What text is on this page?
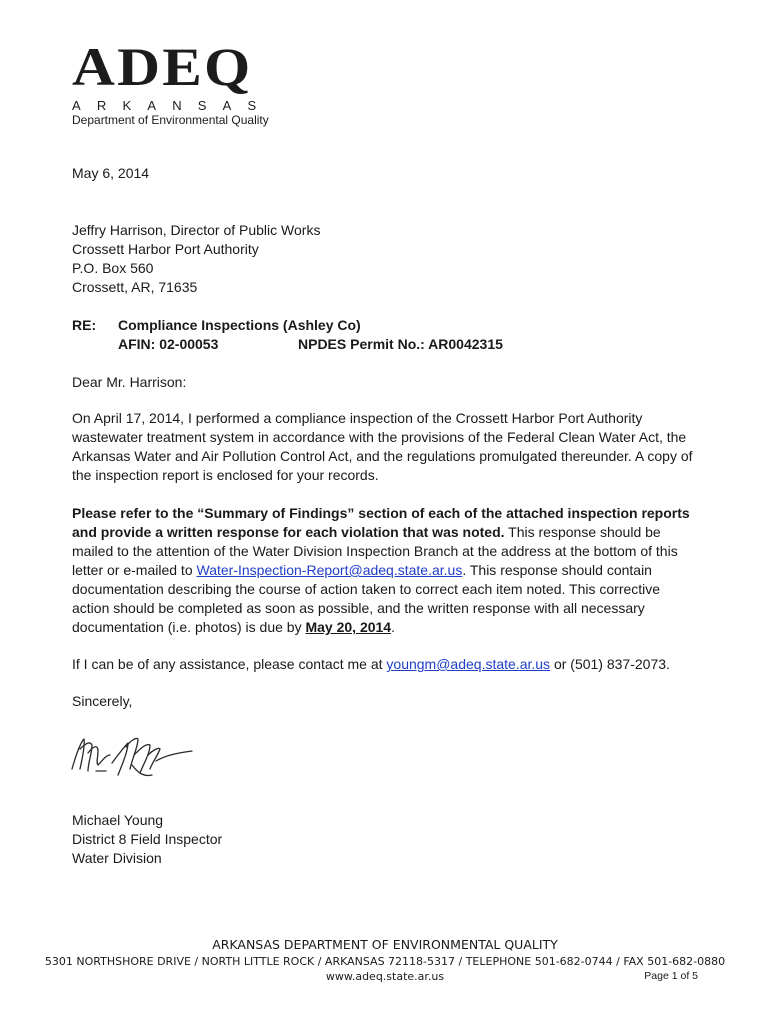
ADEQ
ARKANSAS
Department of Environmental Quality
May 6, 2014
Jeffry Harrison, Director of Public Works
Crossett Harbor Port Authority
P.O. Box 560
Crossett, AR, 71635
RE: Compliance Inspections (Ashley Co)
AFIN: 02-00053	NPDES Permit No.: AR0042315
Dear Mr. Harrison:
On April 17, 2014, I performed a compliance inspection of the Crossett Harbor Port Authority
wastewater treatment system in accordance with the provisions of the Federal Clean Water Act, the
Arkansas Water and Air Pollution Control Act, and the regulations promulgated thereunder. A copy of
the inspection report is enclosed for your records.
Please refer to the “Summary of Findings” section of each of the attached inspection reports
and provide a written response for each violation that was noted. This response should be
mailed to the attention of the Water Division Inspection Branch at the address at the bottom of this
letter or e-mailed to Water-Inspection-Report@adeq.state.ar.us. This response should contain
documentation describing the course of action taken to correct each item noted. This corrective
action should be completed as soon as possible, and the written response with all necessary
documentation (i.e. photos) is due by May 20, 2014.
If I can be of any assistance, please contact me at youngm@adeq.state.ar.us or (501) 837-2073.
Sincerely,
Michael Young
District 8 Field Inspector
Water Division
ARKANSAS DEPARTMENT OF ENVIRONMENTAL QUALITY
5301 NORTHSHORE DRIVE / NORTH LITTLE ROCK / ARKANSAS 72118-5317 / TELEPHONE 501-682-0744 / FAX 501-682-0880
www.adeq.state.ar.us	Page 1 of 5
